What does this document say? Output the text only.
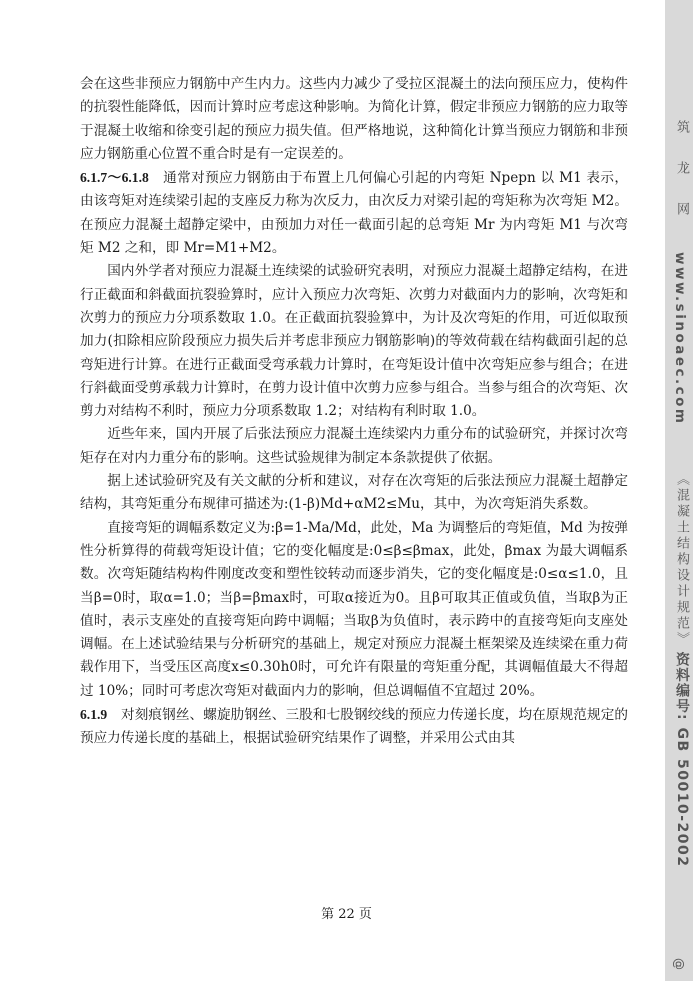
会在这些非预应力钢筋中产生内力。这些内力减少了受拉区混凝土的法向预压应力，使构件的抗裂性能降低，因而计算时应考虑这种影响。为简化计算，假定非预应力钢筋的应力取等于混凝土收缩和徐变引起的预应力损失值。但严格地说，这种简化计算当预应力钢筋和非预应力钢筋重心位置不重合时是有一定误差的。

6.1.7～6.1.8　 通常对预应力钢筋由于布置上几何偏心引起的内弯矩 Npepn 以 M1 表示，由该弯矩对连续梁引起的支座反力称为次反力，由次反力对梁引起的弯矩称为次弯矩 M2。在预应力混凝土超静定梁中，由预加力对任一截面引起的总弯矩 Mr 为内弯矩 M1 与次弯矩 M2 之和，即 Mr=M1+M2。

国内外学者对预应力混凝土连续梁的试验研究表明，对预应力混凝土超静定结构，在进行正截面和斜截面抗裂验算时，应计入预应力次弯矩、次剪力对截面内力的影响，次弯矩和次剪力的预应力分项系数取 1.0。在正截面抗裂验算中，为计及次弯矩的作用，可近似取预加力(扣除相应阶段预应力损失后并考虑非预应力钢筋影响)的等效荷载在结构截面引起的总弯矩进行计算。在进行正截面受弯承载力计算时，在弯矩设计值中次弯矩应参与组合；在进行斜截面受剪承载力计算时，在剪力设计值中次剪力应参与组合。当参与组合的次弯矩、次剪力对结构不利时，预应力分项系数取 1.2；对结构有利时取 1.0。

近些年来，国内开展了后张法预应力混凝土连续梁内力重分布的试验研究，并探讨次弯矩存在对内力重分布的影响。这些试验规律为制定本条款提供了依据。

据上述试验研究及有关文献的分析和建议，对存在次弯矩的后张法预应力混凝土超静定结构，其弯矩重分布规律可描述为:(1-β)Md+αM2≤Mu，其中，为次弯矩消失系数。

直接弯矩的调幅系数定义为:β=1-Ma/Md，此处，Ma 为调整后的弯矩值，Md 为按弹性分析算得的荷载弯矩设计值；它的变化幅度是:0≤β≤βmax，此处，βmax 为最大调幅系数。次弯矩随结构构件刚度改变和塑性铰转动而逐步消失，它的变化幅度是:0≤α≤1.0，且当β=0时，取α=1.0；当β=βmax时，可取α接近为0。且β可取其正值或负值，当取β为正值时，表示支座处的直接弯矩向跨中调幅；当取β为负值时，表示跨中的直接弯矩向支座处调幅。在上述试验结果与分析研究的基础上，规定对预应力混凝土框架梁及连续梁在重力荷载作用下，当受压区高度x≤0.30h0时，可允许有限量的弯矩重分配，其调幅值最大不得超过 10%；同时可考虑次弯矩对截面内力的影响，但总调幅值不宜超过 20%。

6.1.9　 对刻痕钢丝、螺旋肋钢丝、三股和七股钢绞线的预应力传递长度，均在原规范规定的预应力传递长度的基础上，根据试验研究结果作了调整，并采用公式由其

第 22 页
筑 龙 网
www.sinoaec.com
《混凝土结构设计规范》
资料编号: GB 50010-2002
@
